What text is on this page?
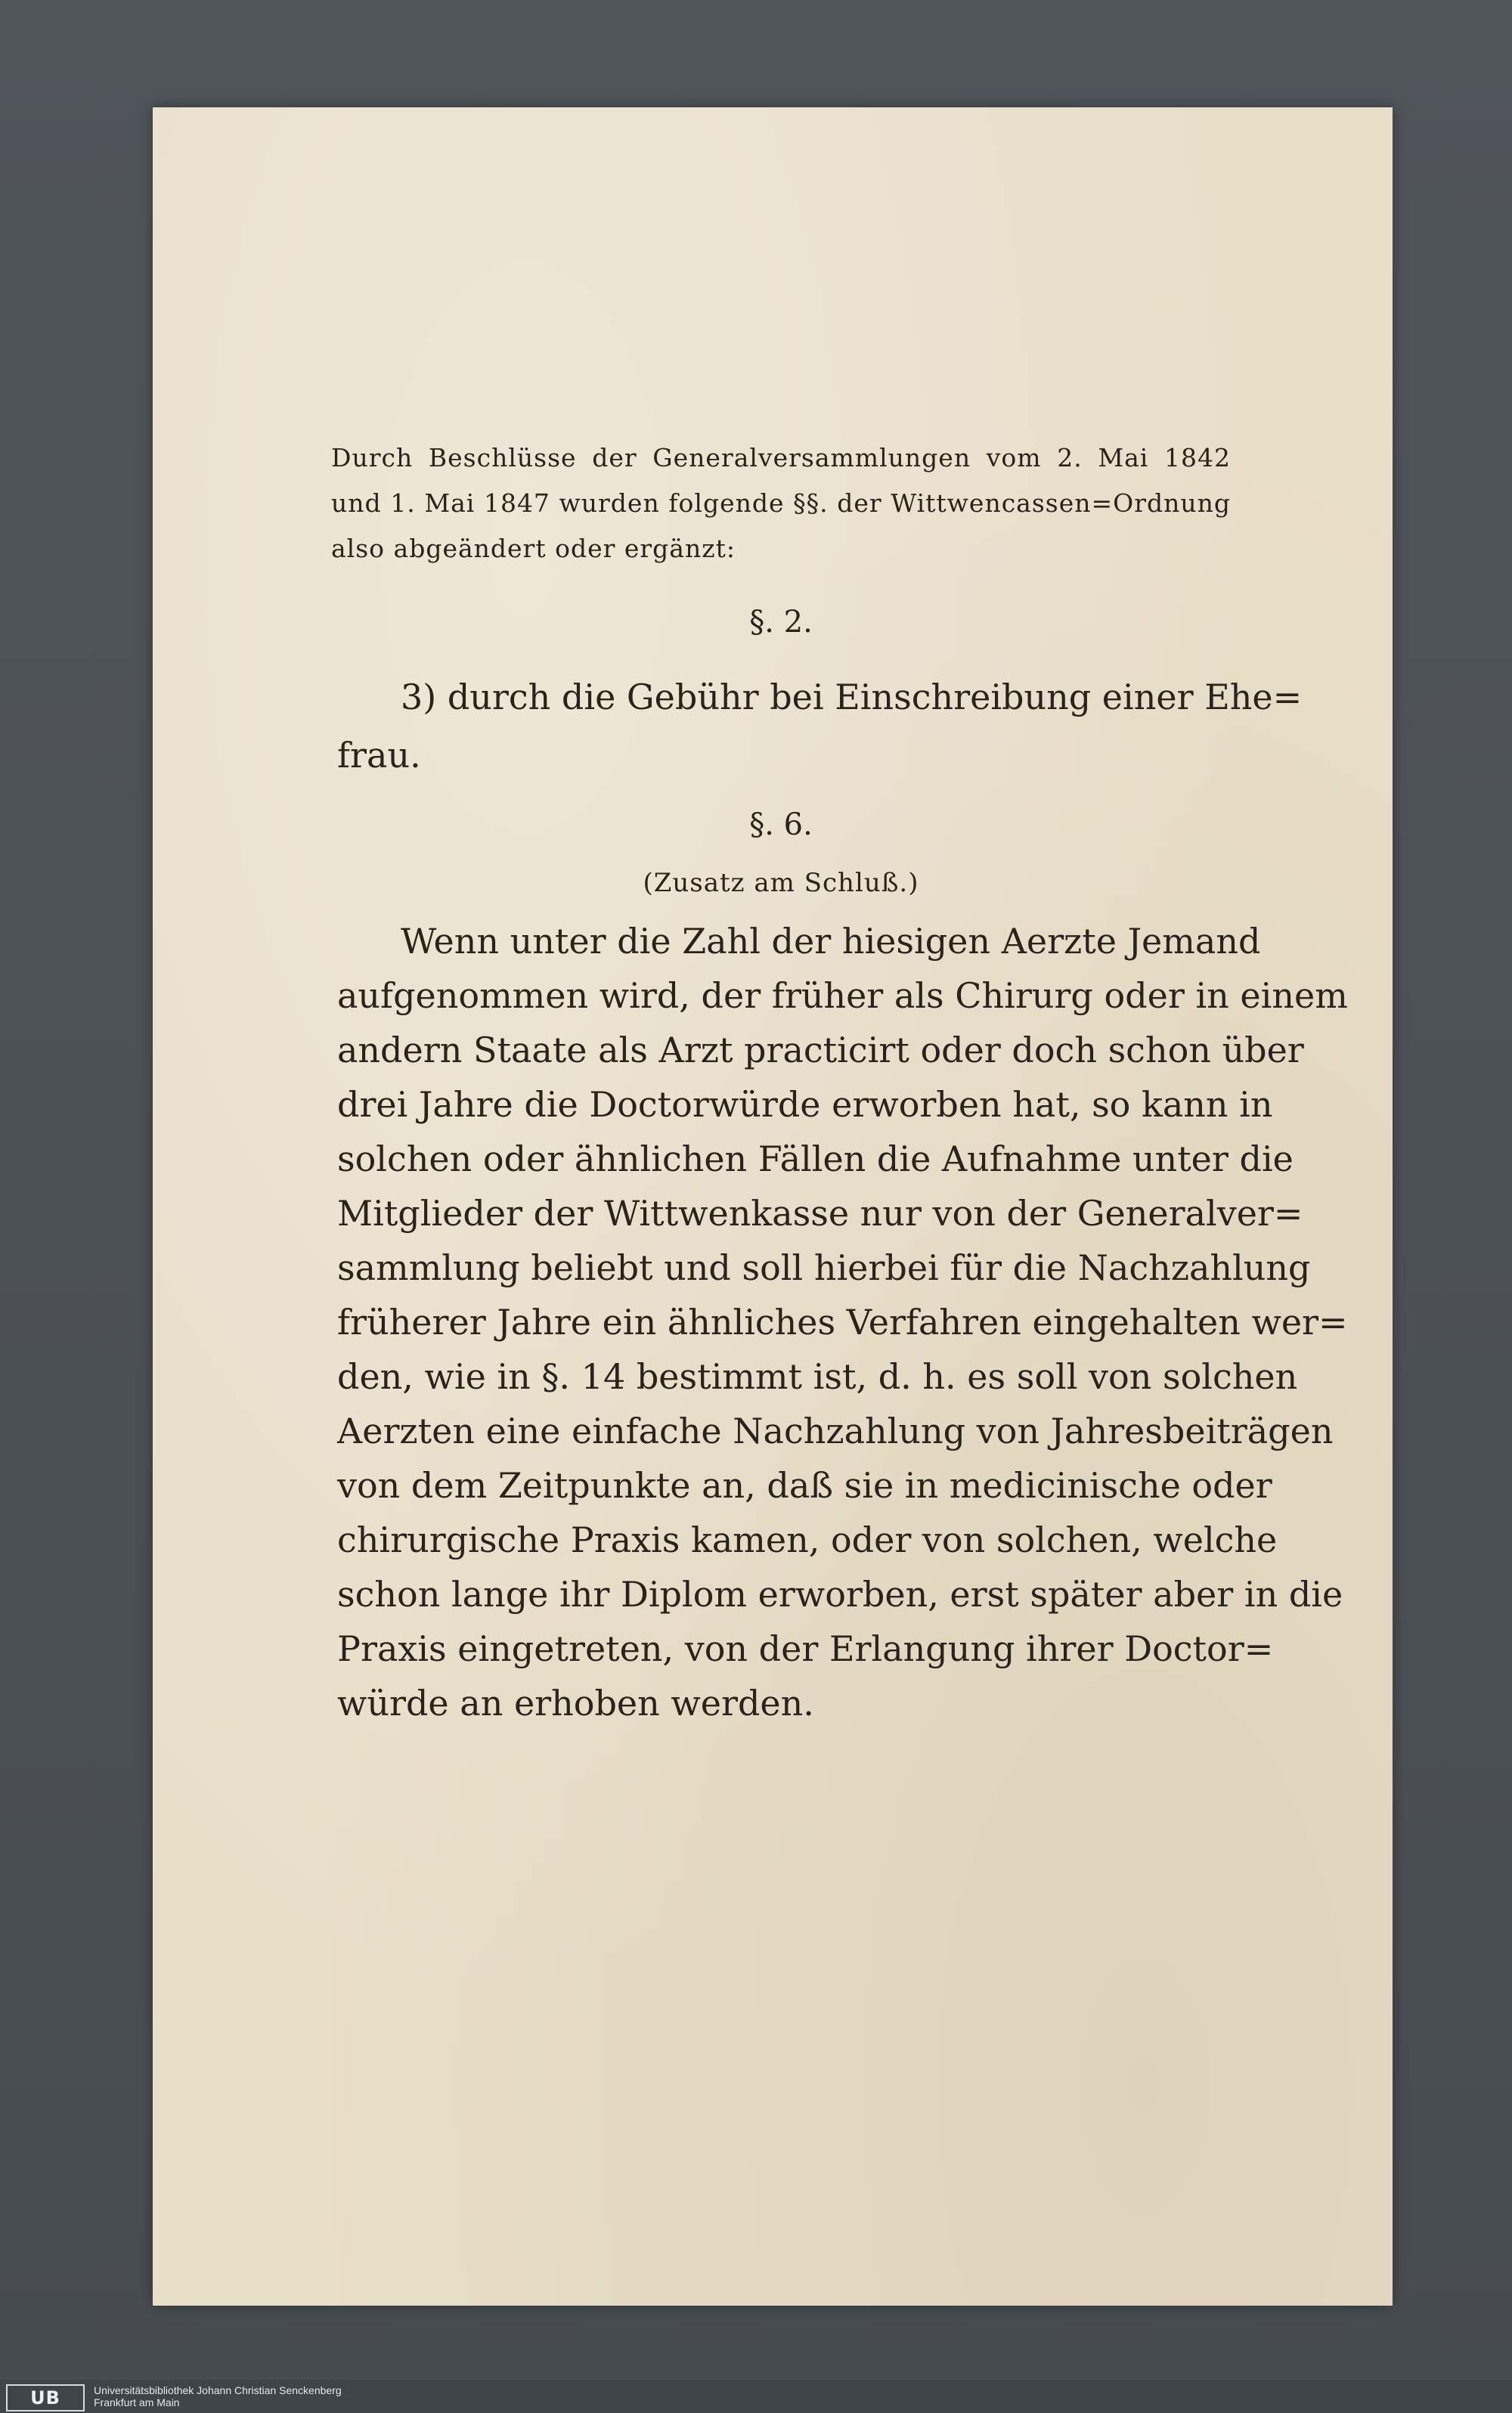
Durch Beschlüsse der Generalversammlungen vom 2. Mai 1842
und 1. Mai 1847 wurden folgende §§. der Wittwencassen=Ordnung
also abgeändert oder ergänzt:
§. 2.
3) durch die Gebühr bei Einschreibung einer Ehe=
frau.
§. 6.
(Zusatz am Schluß.)
Wenn unter die Zahl der hiesigen Aerzte Jemand
aufgenommen wird, der früher als Chirurg oder in einem
andern Staate als Arzt practicirt oder doch schon über
drei Jahre die Doctorwürde erworben hat, so kann in
solchen oder ähnlichen Fällen die Aufnahme unter die
Mitglieder der Wittwenkasse nur von der Generalver=
sammlung beliebt und soll hierbei für die Nachzahlung
früherer Jahre ein ähnliches Verfahren eingehalten wer=
den, wie in §. 14 bestimmt ist, d. h. es soll von solchen
Aerzten eine einfache Nachzahlung von Jahresbeiträgen
von dem Zeitpunkte an, daß sie in medicinische oder
chirurgische Praxis kamen, oder von solchen, welche
schon lange ihr Diplom erworben, erst später aber in die
Praxis eingetreten, von der Erlangung ihrer Doctor=
würde an erhoben werden.
UB	Universitätsbibliothek Johann Christian Senckenberg
Frankfurt am Main
